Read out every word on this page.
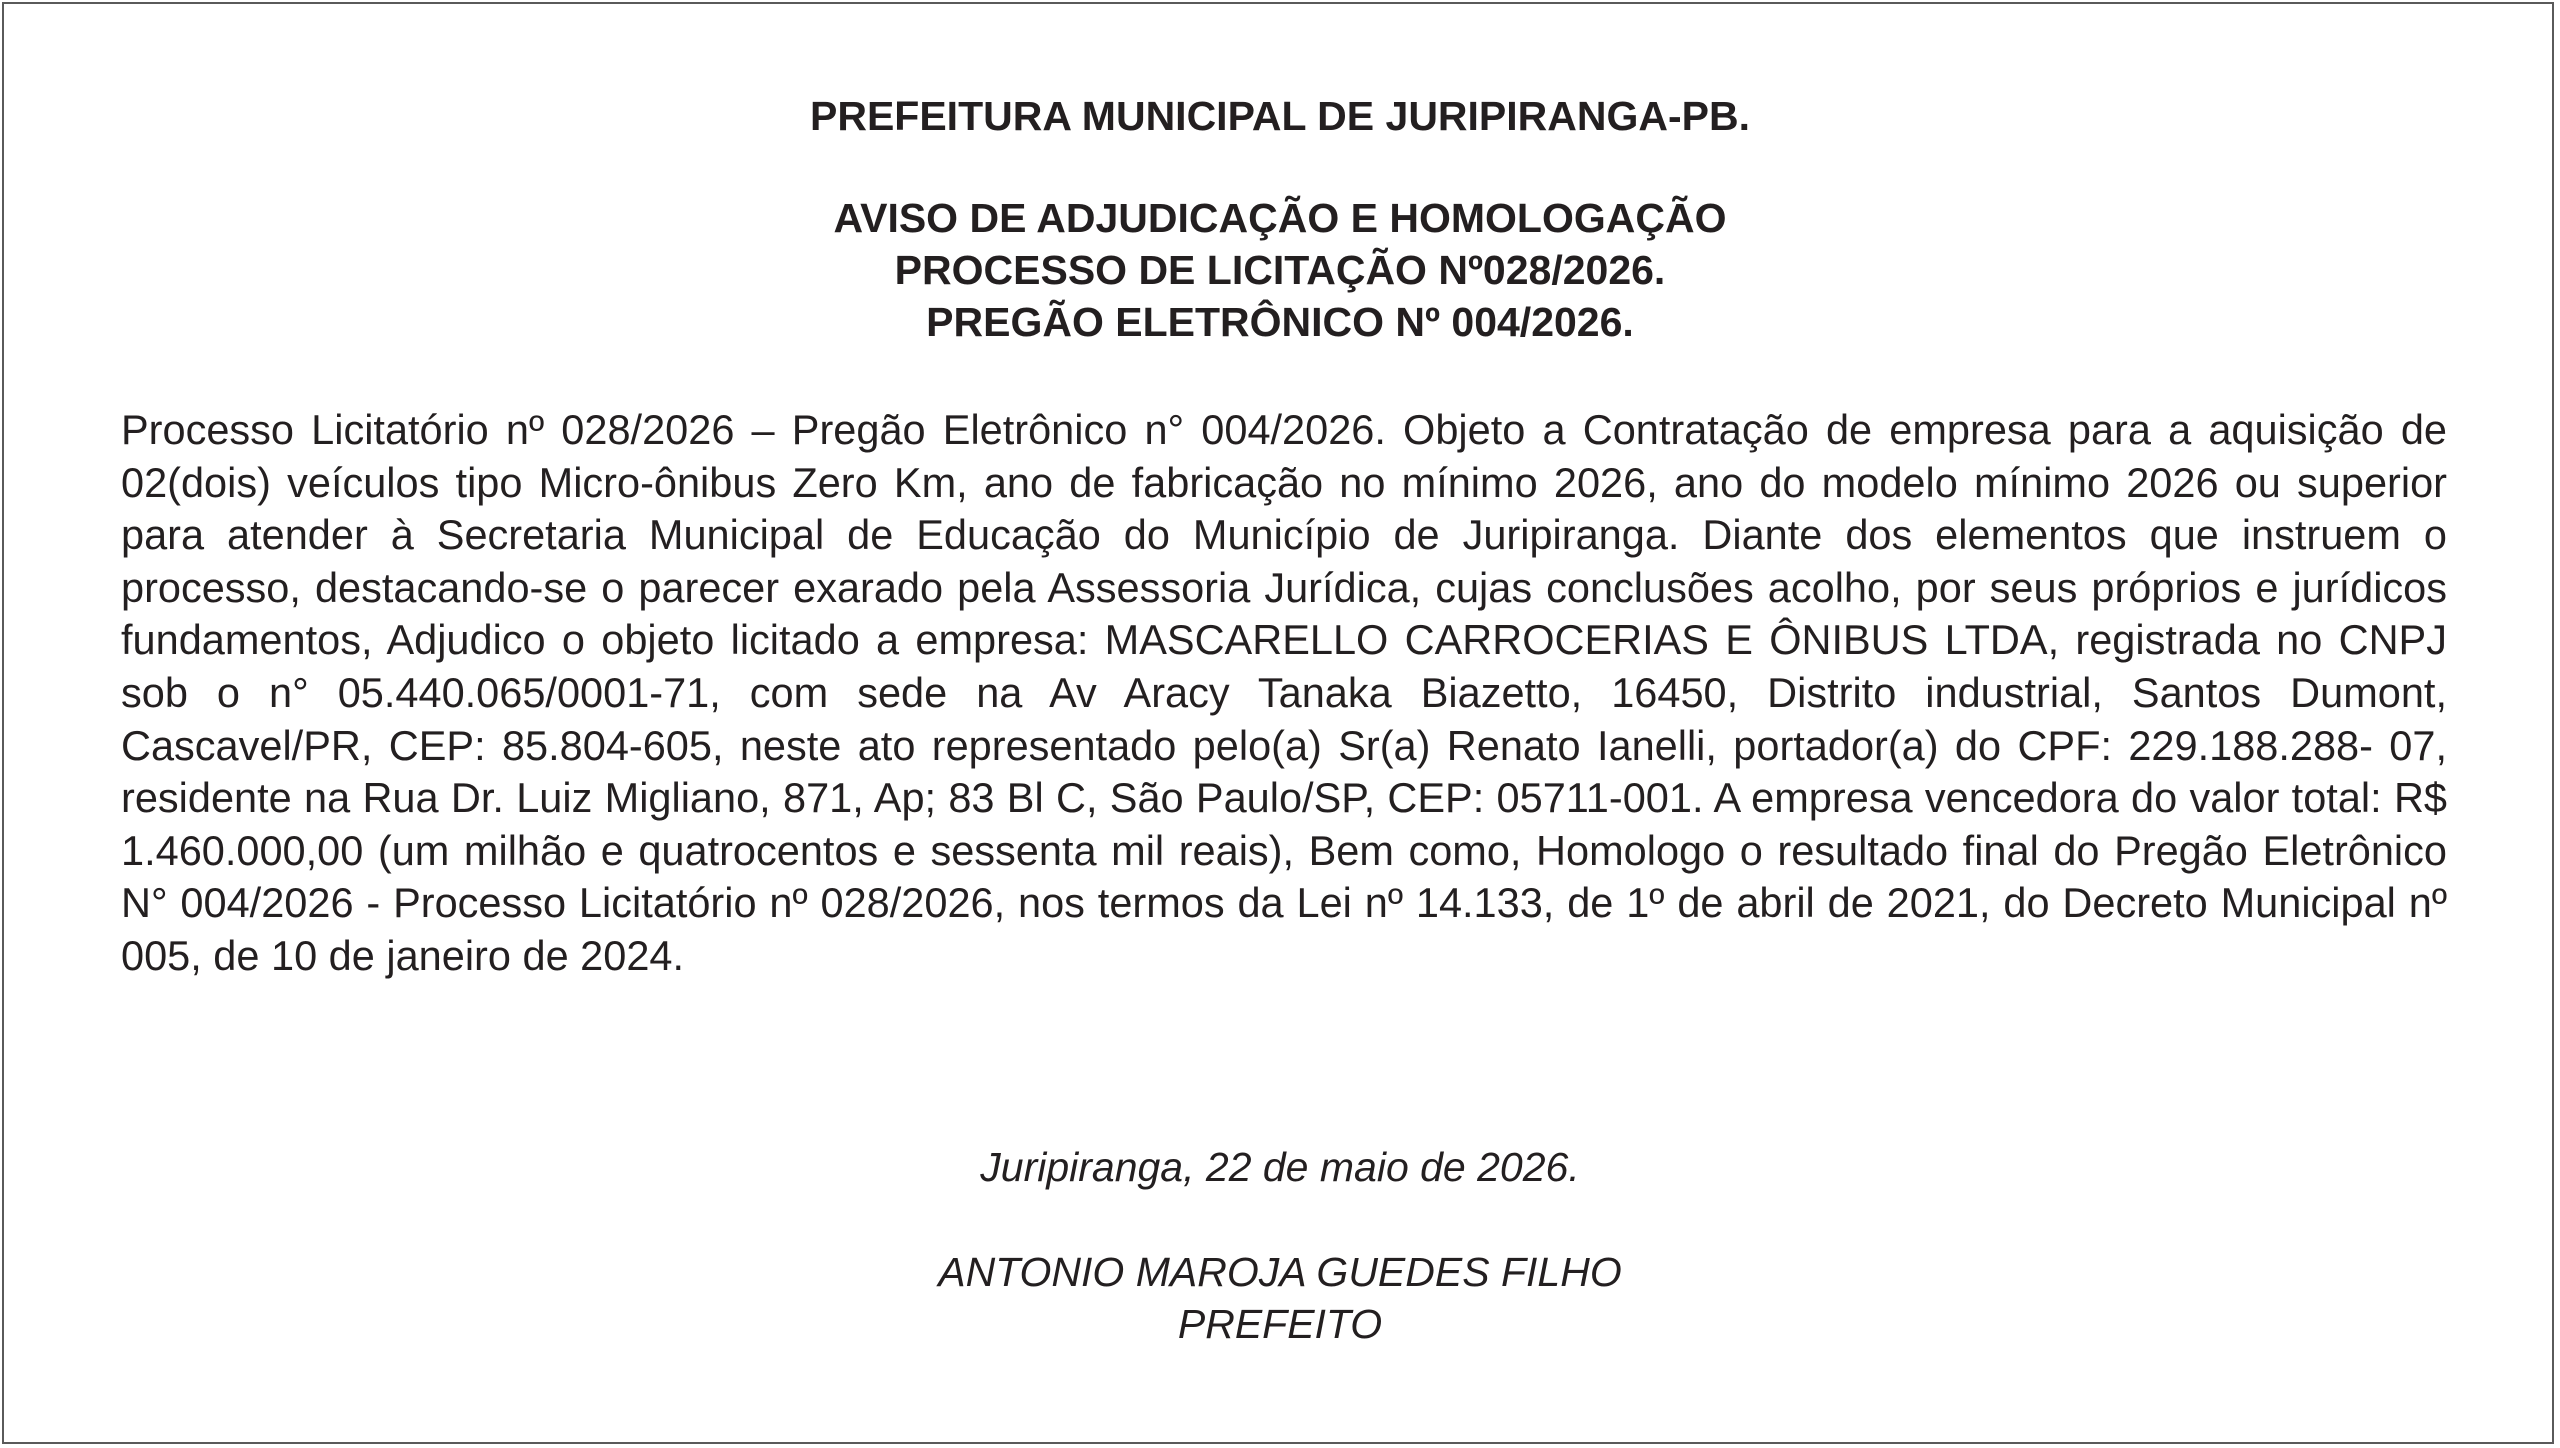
PREFEITURA MUNICIPAL DE JURIPIRANGA-PB.
AVISO DE ADJUDICAÇÃO E HOMOLOGAÇÃO
PROCESSO DE LICITAÇÃO Nº028/2026.
PREGÃO ELETRÔNICO Nº 004/2026.
Processo Licitatório nº 028/2026 – Pregão Eletrônico n° 004/2026. Objeto a Contratação de empresa para a aquisição de 02(dois) veículos tipo Micro-ônibus Zero Km, ano de fabricação no mínimo 2026, ano do modelo mínimo 2026 ou superior para atender à Secretaria Municipal de Educação do Município de Juripiranga. Diante dos elementos que instruem o processo, destacando-se o parecer exarado pela Assessoria Jurídica, cujas conclusões acolho, por seus próprios e jurídicos fundamentos, Adjudico o objeto licitado a empresa: MASCARELLO CARROCERIAS E ÔNIBUS LTDA, registrada no CNPJ sob o n° 05.440.065/0001-71, com sede na Av Aracy Tanaka Biazetto, 16450, Distrito industrial, Santos Dumont, Cascavel/PR, CEP: 85.804-605, neste ato representado pelo(a) Sr(a) Renato Ianelli, portador(a) do CPF: 229.188.288- 07, residente na Rua Dr. Luiz Migliano, 871, Ap; 83 Bl C, São Paulo/SP, CEP: 05711-001. A empresa vencedora do valor total: R$ 1.460.000,00 (um milhão e quatrocentos e sessenta mil reais), Bem como, Homologo o resultado final do Pregão Eletrônico N° 004/2026 - Processo Licitatório nº 028/2026, nos termos da Lei nº 14.133, de 1º de abril de 2021, do Decreto Municipal nº 005, de 10 de janeiro de 2024.
Juripiranga, 22 de maio de 2026.
ANTONIO MAROJA GUEDES FILHO
PREFEITO
